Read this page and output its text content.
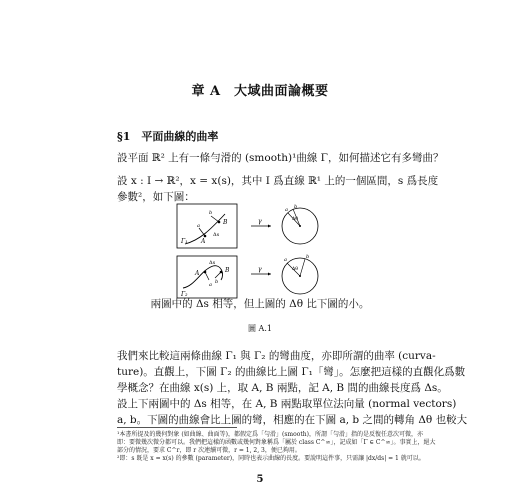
章 A　大域曲面論概要
§1　平面曲線的曲率
設平面 ℝ² 上有一條勻滑的 (smooth)¹曲線 Γ，如何描述它有多彎曲？
設 x : I → ℝ²，x = x(s)，其中 I 爲直線 ℝ¹ 上的一個區間，s 爲長度
參數²，如下圖：
Γ₁ A
B
a
b
Δs
γ
a b
Γ₂
A	B
a b
Δs
γ
a	b
Δθ
Δθ
兩圖中的 Δs 相等，但上圖的 Δθ 比下圖的小。
圖 A.1
我們來比較這兩條曲線 Γ₁ 與 Γ₂ 的彎曲度，亦即所謂的曲率 (curva-
ture)。直觀上，下圖 Γ₂ 的曲線比上圖 Γ₁「彎」。怎麼把這樣的直觀化爲數
學概念？在曲線 x(s) 上，取 A, B 兩點，記 A, B 間的曲線長度爲 Δs。
設上下兩圖中的 Δs 相等，在 A, B 兩點取單位法向量 (normal vectors)
a, b。下圖的曲線會比上圖的彎，相應的在下圖 a, b 之間的轉角 Δθ 也較大
¹本書所提及的幾何對象 (如曲線、曲面等)，都假定爲「勻滑」(smooth)，所謂「勻滑」指的是反復任意次可微，亦
即：要微幾次微分都可以。我們把這樣的函數或幾何對象稱爲「屬於 class C^∞」，記成如「Γ ∈ C^∞」。事實上，絕大
部分的情況，要求 C^r，即 r 次連續可微，r = 1, 2, 3，便已夠用。
²即：s 既是 x = x(s) 的參數 (parameter)，同時也表示曲線的長度。要說明這件事，只需讓 |dx/ds| = 1 就可以。
5
